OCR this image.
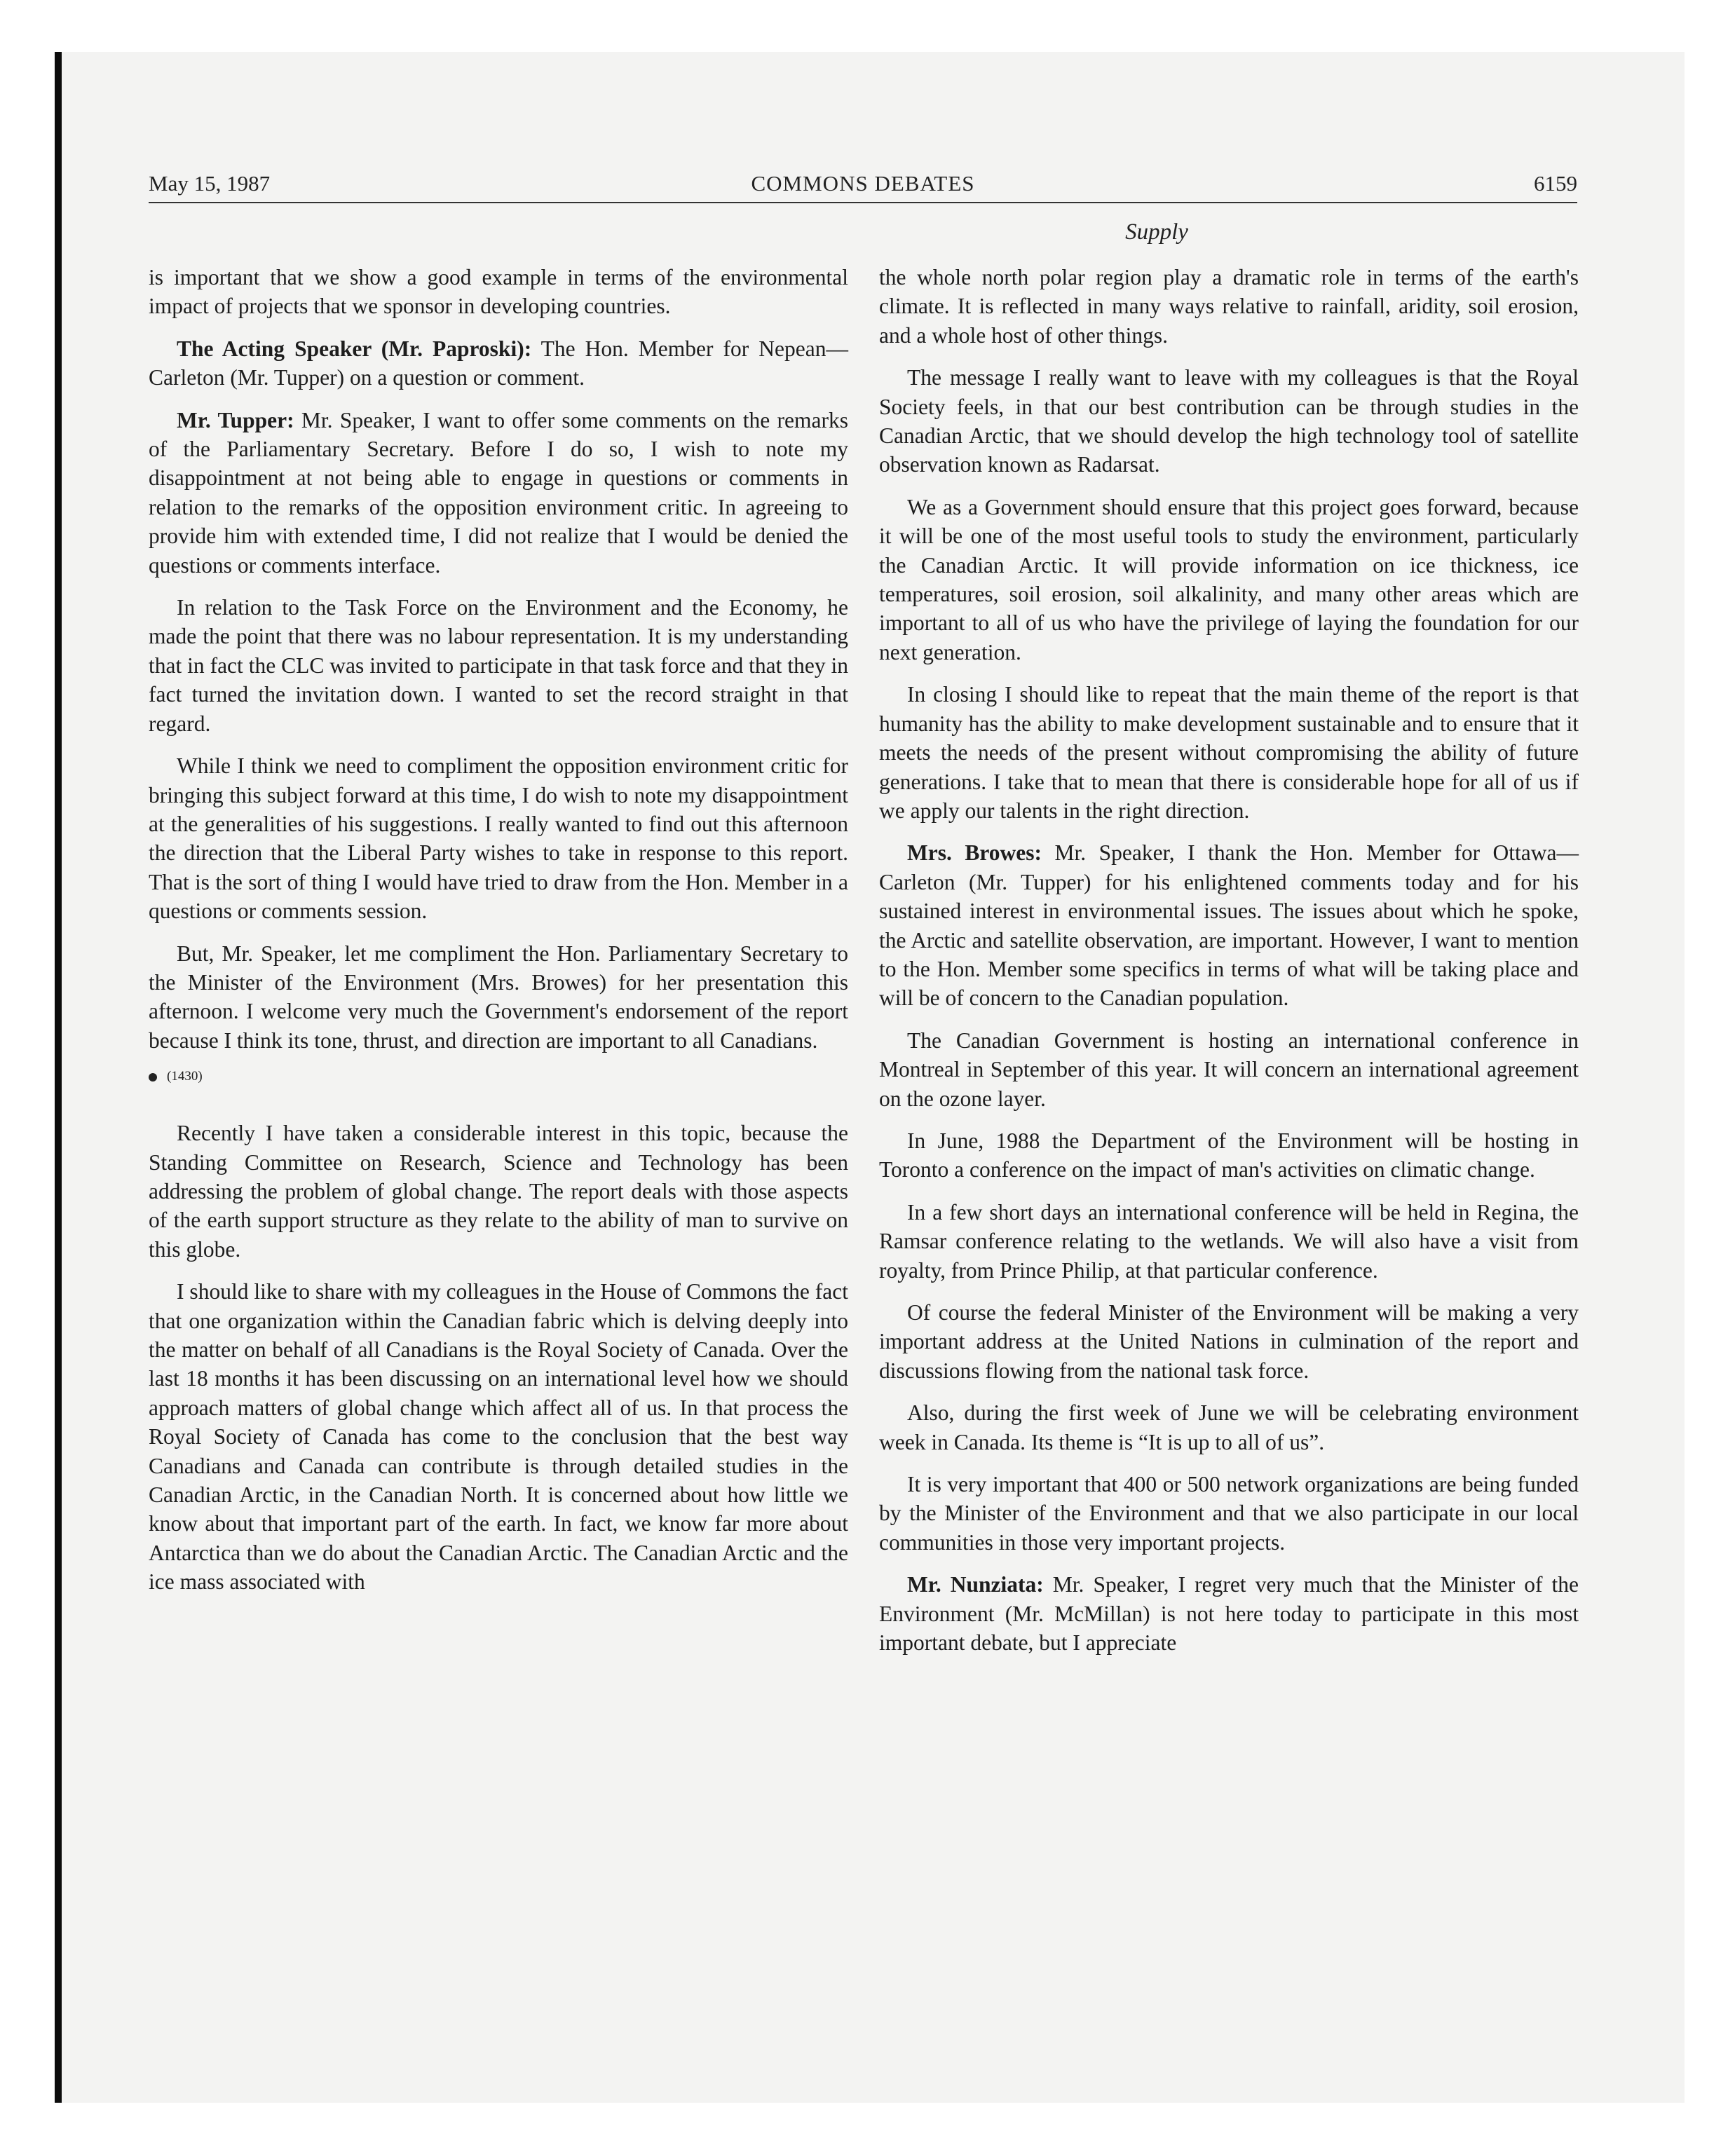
May 15, 1987	COMMONS DEBATES	6159
Supply

is important that we show a good example in terms of the environmental impact of projects that we sponsor in developing countries.

The Acting Speaker (Mr. Paproski): The Hon. Member for Nepean—Carleton (Mr. Tupper) on a question or comment.

Mr. Tupper: Mr. Speaker, I want to offer some comments on the remarks of the Parliamentary Secretary. Before I do so, I wish to note my disappointment at not being able to engage in questions or comments in relation to the remarks of the opposition environment critic. In agreeing to provide him with extended time, I did not realize that I would be denied the questions or comments interface.

In relation to the Task Force on the Environment and the Economy, he made the point that there was no labour representation. It is my understanding that in fact the CLC was invited to participate in that task force and that they in fact turned the invitation down. I wanted to set the record straight in that regard.

While I think we need to compliment the opposition environment critic for bringing this subject forward at this time, I do wish to note my disappointment at the generalities of his suggestions. I really wanted to find out this afternoon the direction that the Liberal Party wishes to take in response to this report. That is the sort of thing I would have tried to draw from the Hon. Member in a questions or comments session.

But, Mr. Speaker, let me compliment the Hon. Parliamentary Secretary to the Minister of the Environment (Mrs. Browes) for her presentation this afternoon. I welcome very much the Government's endorsement of the report because I think its tone, thrust, and direction are important to all Canadians.

(1430)

Recently I have taken a considerable interest in this topic, because the Standing Committee on Research, Science and Technology has been addressing the problem of global change. The report deals with those aspects of the earth support structure as they relate to the ability of man to survive on this globe.

I should like to share with my colleagues in the House of Commons the fact that one organization within the Canadian fabric which is delving deeply into the matter on behalf of all Canadians is the Royal Society of Canada. Over the last 18 months it has been discussing on an international level how we should approach matters of global change which affect all of us. In that process the Royal Society of Canada has come to the conclusion that the best way Canadians and Canada can contribute is through detailed studies in the Canadian Arctic, in the Canadian North. It is concerned about how little we know about that important part of the earth. In fact, we know far more about Antarctica than we do about the Canadian Arctic. The Canadian Arctic and the ice mass associated with

the whole north polar region play a dramatic role in terms of the earth's climate. It is reflected in many ways relative to rainfall, aridity, soil erosion, and a whole host of other things.

The message I really want to leave with my colleagues is that the Royal Society feels, in that our best contribution can be through studies in the Canadian Arctic, that we should develop the high technology tool of satellite observation known as Radarsat.

We as a Government should ensure that this project goes forward, because it will be one of the most useful tools to study the environment, particularly the Canadian Arctic. It will provide information on ice thickness, ice temperatures, soil erosion, soil alkalinity, and many other areas which are important to all of us who have the privilege of laying the foundation for our next generation.

In closing I should like to repeat that the main theme of the report is that humanity has the ability to make development sustainable and to ensure that it meets the needs of the present without compromising the ability of future generations. I take that to mean that there is considerable hope for all of us if we apply our talents in the right direction.

Mrs. Browes: Mr. Speaker, I thank the Hon. Member for Ottawa—Carleton (Mr. Tupper) for his enlightened comments today and for his sustained interest in environmental issues. The issues about which he spoke, the Arctic and satellite observation, are important. However, I want to mention to the Hon. Member some specifics in terms of what will be taking place and will be of concern to the Canadian population.

The Canadian Government is hosting an international conference in Montreal in September of this year. It will concern an international agreement on the ozone layer.

In June, 1988 the Department of the Environment will be hosting in Toronto a conference on the impact of man's activities on climatic change.

In a few short days an international conference will be held in Regina, the Ramsar conference relating to the wetlands. We will also have a visit from royalty, from Prince Philip, at that particular conference.

Of course the federal Minister of the Environment will be making a very important address at the United Nations in culmination of the report and discussions flowing from the national task force.

Also, during the first week of June we will be celebrating environment week in Canada. Its theme is “It is up to all of us”.

It is very important that 400 or 500 network organizations are being funded by the Minister of the Environment and that we also participate in our local communities in those very important projects.

Mr. Nunziata: Mr. Speaker, I regret very much that the Minister of the Environment (Mr. McMillan) is not here today to participate in this most important debate, but I appreciate
